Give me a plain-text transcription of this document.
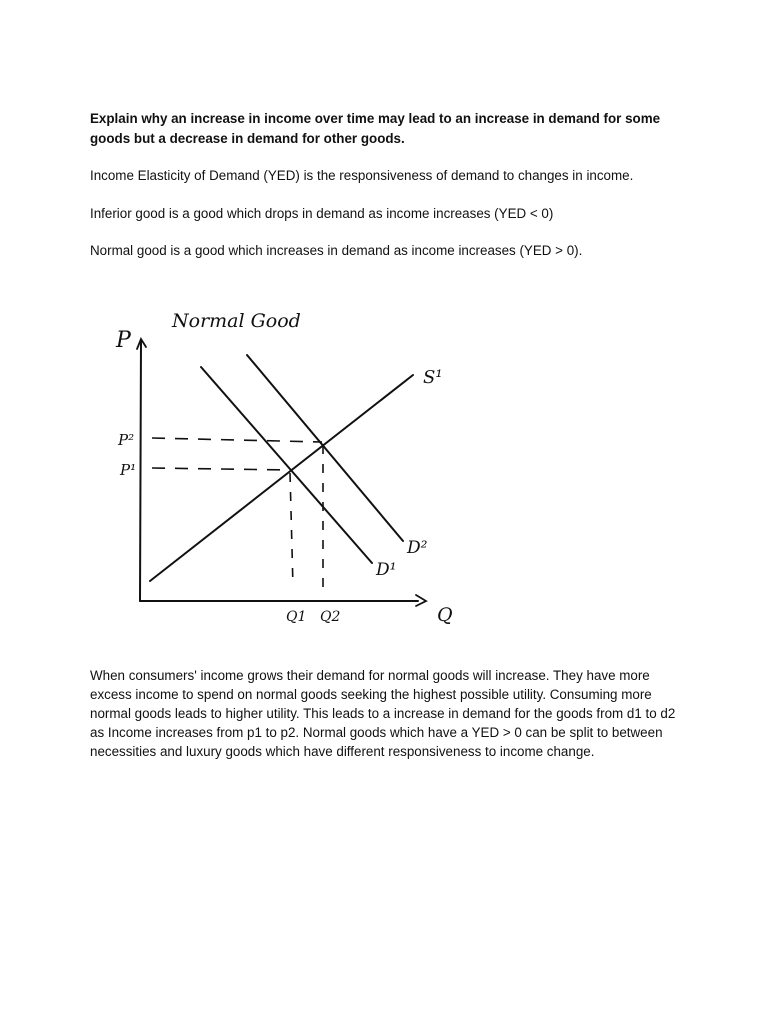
Explain why an increase in income over time may lead to an increase in demand for some goods but a decrease in demand for other goods.

Income Elasticity of Demand (YED) is the responsiveness of demand to changes in income.

Inferior good is a good which drops in demand as income increases (YED < 0)

Normal good is a good which increases in demand as income increases (YED > 0).

Normal Good
P
Q
S¹
D¹
D²
P²
P¹
Q1 Q2

When consumers' income grows their demand for normal goods will increase. They have more excess income to spend on normal goods seeking the highest possible utility. Consuming more normal goods leads to higher utility. This leads to a increase in demand for the goods from d1 to d2 as Income increases from p1 to p2. Normal goods which have a YED > 0 can be split to between necessities and luxury goods which have different responsiveness to income change.
